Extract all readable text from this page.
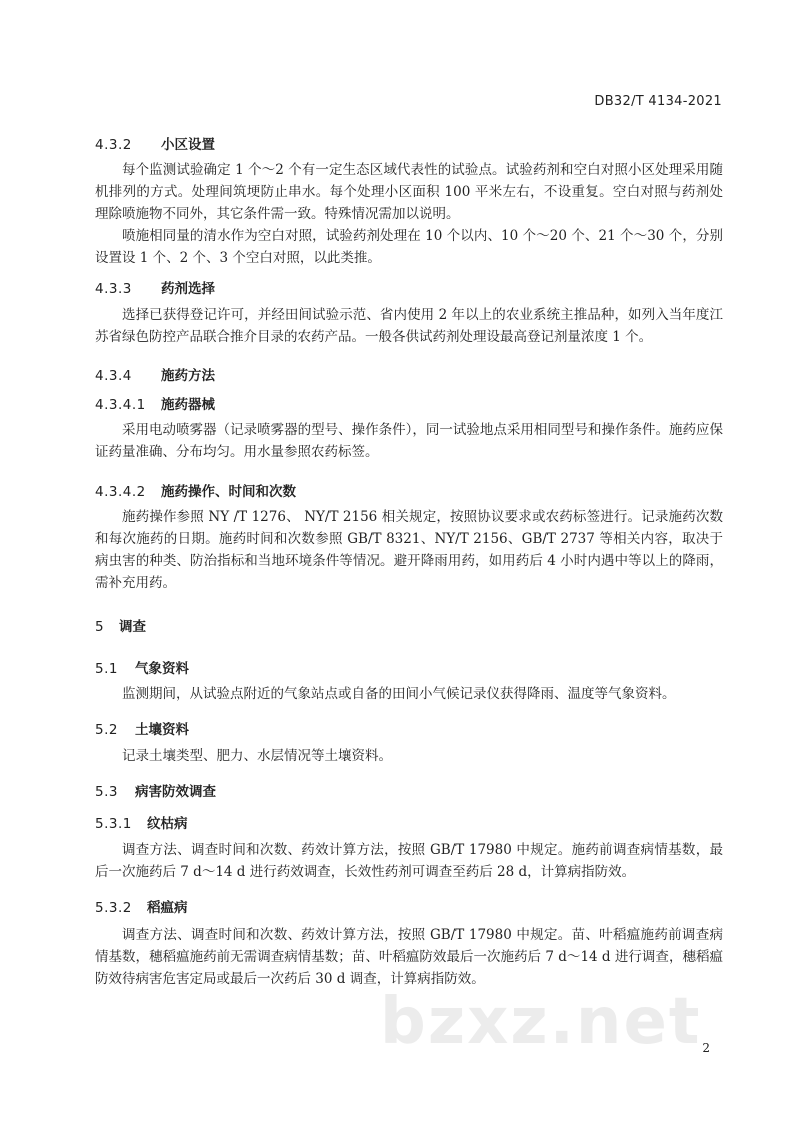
DB32/T 4134-2021
4.3.2 小区设置
每个监测试验确定 1 个～2 个有一定生态区域代表性的试验点。试验药剂和空白对照小区处理采用随机排列的方式。处理间筑埂防止串水。每个处理小区面积 100 平米左右，不设重复。空白对照与药剂处理除喷施物不同外，其它条件需一致。特殊情况需加以说明。
喷施相同量的清水作为空白对照，试验药剂处理在 10 个以内、10 个～20 个、21 个～30 个，分别设置设 1 个、2 个、3 个空白对照，以此类推。
4.3.3 药剂选择
选择已获得登记许可，并经田间试验示范、省内使用 2 年以上的农业系统主推品种，如列入当年度江苏省绿色防控产品联合推介目录的农药产品。一般各供试药剂处理设最高登记剂量浓度 1 个。
4.3.4 施药方法
4.3.4.1 施药器械
采用电动喷雾器（记录喷雾器的型号、操作条件），同一试验地点采用相同型号和操作条件。施药应保证药量准确、分布均匀。用水量参照农药标签。
4.3.4.2 施药操作、时间和次数
施药操作参照 NY /T 1276、 NY/T 2156 相关规定，按照协议要求或农药标签进行。记录施药次数和每次施药的日期。施药时间和次数参照 GB/T 8321、NY/T 2156、GB/T 2737 等相关内容，取决于病虫害的种类、防治指标和当地环境条件等情况。避开降雨用药，如用药后 4 小时内遇中等以上的降雨，需补充用药。
5 调查
5.1 气象资料
监测期间，从试验点附近的气象站点或自备的田间小气候记录仪获得降雨、温度等气象资料。
5.2 土壤资料
记录土壤类型、肥力、水层情况等土壤资料。
5.3 病害防效调查
5.3.1 纹枯病
调查方法、调查时间和次数、药效计算方法，按照 GB/T 17980 中规定。施药前调查病情基数，最后一次施药后 7 d～14 d 进行药效调查，长效性药剂可调查至药后 28 d，计算病指防效。
5.3.2 稻瘟病
调查方法、调查时间和次数、药效计算方法，按照 GB/T 17980 中规定。苗、叶稻瘟施药前调查病情基数，穗稻瘟施药前无需调查病情基数；苗、叶稻瘟防效最后一次施药后 7 d～14 d 进行调查，穗稻瘟防效待病害危害定局或最后一次药后 30 d 调查，计算病指防效。
bzxz.net 2
